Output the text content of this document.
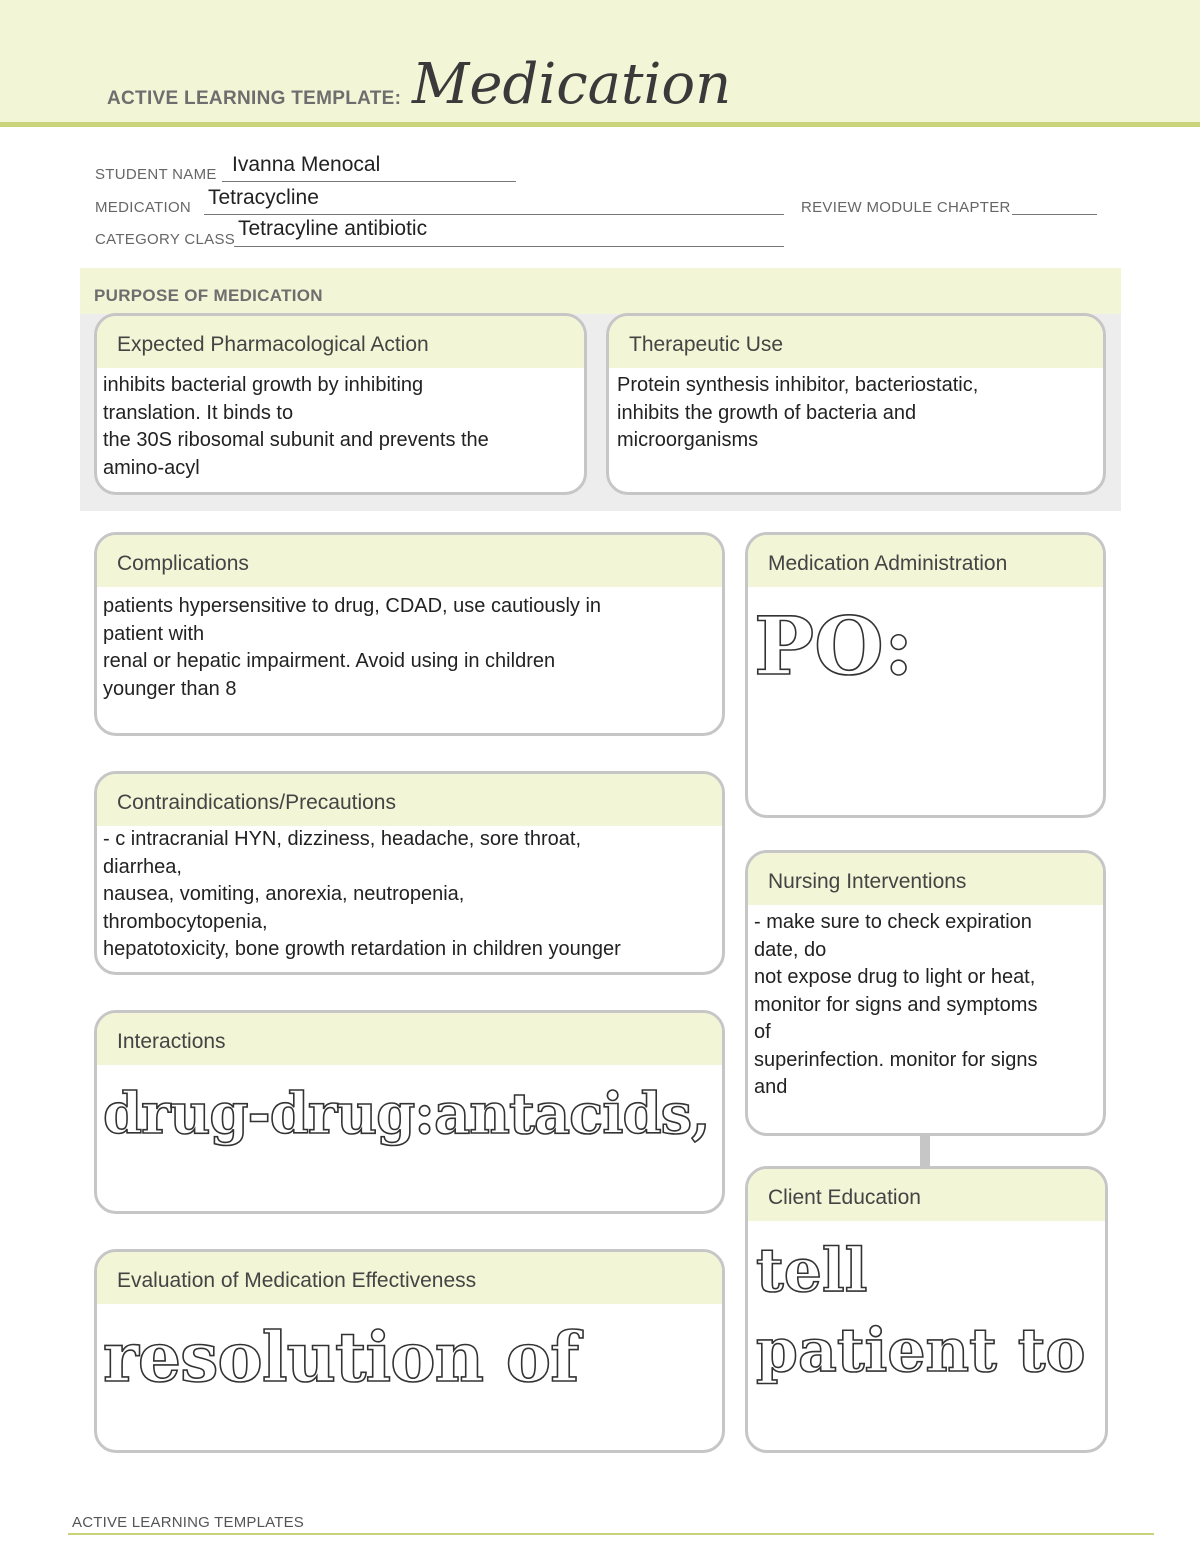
ACTIVE LEARNING TEMPLATE: Medication
STUDENT NAME Ivanna Menocal
MEDICATION Tetracycline	REVIEW MODULE CHAPTER
CATEGORY CLASS Tetracyline antibiotic
PURPOSE OF MEDICATION
Expected Pharmacological Action
inhibits bacterial growth by inhibiting
translation. It binds to
the 30S ribosomal subunit and prevents the
amino-acyl
Therapeutic Use
Protein synthesis inhibitor, bacteriostatic,
inhibits the growth of bacteria and
microorganisms
Complications
patients hypersensitive to drug, CDAD, use cautiously in
patient with
renal or hepatic impairment. Avoid using in children
younger than 8
Medication Administration
PO:
Contraindications/Precautions
- c intracranial HYN, dizziness, headache, sore throat,
diarrhea,
nausea, vomiting, anorexia, neutropenia,
thrombocytopenia,
hepatotoxicity, bone growth retardation in children younger
Nursing Interventions
- make sure to check expiration
date, do
not expose drug to light or heat,
monitor for signs and symptoms
of
superinfection. monitor for signs
and
Interactions
drug-drug:antacids,
Client Education
tell
patient to
Evaluation of Medication Effectiveness
resolution of
ACTIVE LEARNING TEMPLATES
